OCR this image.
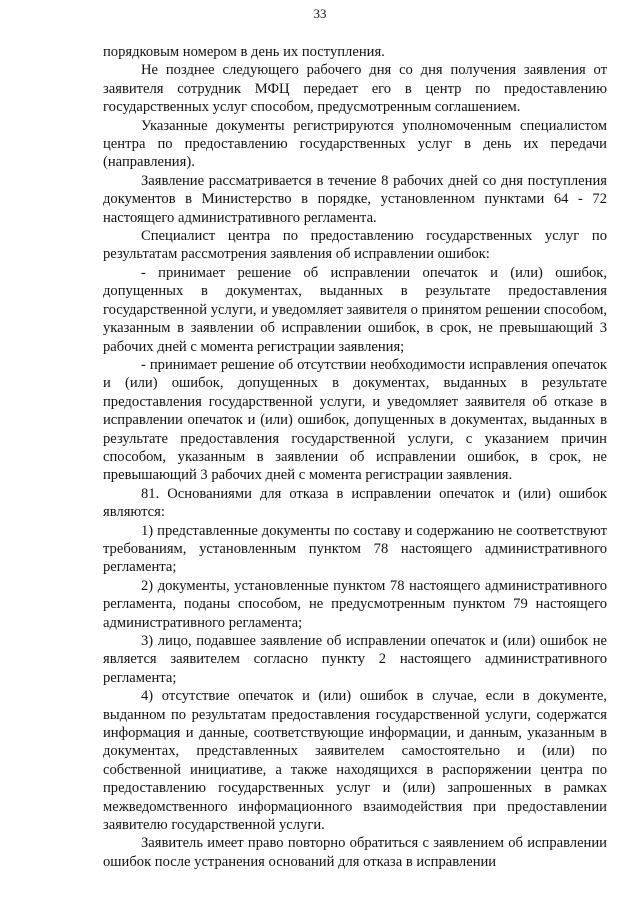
33

порядковым номером в день их поступления.

Не позднее следующего рабочего дня со дня получения заявления от заявителя сотрудник МФЦ передает его в центр по предоставлению государственных услуг способом, предусмотренным соглашением.

Указанные документы регистрируются уполномоченным специалистом центра по предоставлению государственных услуг в день их передачи (направления).

Заявление рассматривается в течение 8 рабочих дней со дня поступления документов в Министерство в порядке, установленном пунктами 64 - 72 настоящего административного регламента.

Специалист центра по предоставлению государственных услуг по результатам рассмотрения заявления об исправлении ошибок:

- принимает решение об исправлении опечаток и (или) ошибок, допущенных в документах, выданных в результате предоставления государственной услуги, и уведомляет заявителя о принятом решении способом, указанным в заявлении об исправлении ошибок, в срок, не превышающий 3 рабочих дней с момента регистрации заявления;

- принимает решение об отсутствии необходимости исправления опечаток и (или) ошибок, допущенных в документах, выданных в результате предоставления государственной услуги, и уведомляет заявителя об отказе в исправлении опечаток и (или) ошибок, допущенных в документах, выданных в результате предоставления государственной услуги, с указанием причин способом, указанным в заявлении об исправлении ошибок, в срок, не превышающий 3 рабочих дней с момента регистрации заявления.

81. Основаниями для отказа в исправлении опечаток и (или) ошибок являются:

1) представленные документы по составу и содержанию не соответствуют требованиям, установленным пунктом 78 настоящего административного регламента;

2) документы, установленные пунктом 78 настоящего административного регламента, поданы способом, не предусмотренным пунктом 79 настоящего административного регламента;

3) лицо, подавшее заявление об исправлении опечаток и (или) ошибок не является заявителем согласно пункту 2 настоящего административного регламента;

4) отсутствие опечаток и (или) ошибок в случае, если в документе, выданном по результатам предоставления государственной услуги, содержатся информация и данные, соответствующие информации, и данным, указанным в документах, представленных заявителем самостоятельно и (или) по собственной инициативе, а также находящихся в распоряжении центра по предоставлению государственных услуг и (или) запрошенных в рамках межведомственного информационного взаимодействия при предоставлении заявителю государственной услуги.

Заявитель имеет право повторно обратиться с заявлением об исправлении ошибок после устранения оснований для отказа в исправлении
